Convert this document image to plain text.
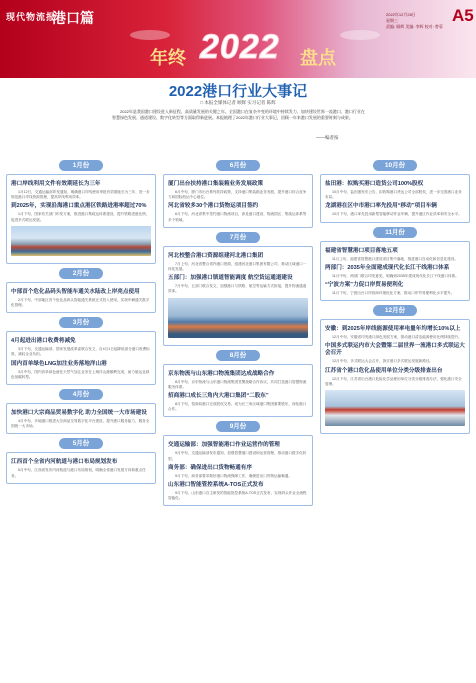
现代物流报
港口篇
年终 2022 盘点
2022年12月28日
星期三
责编: 顾辉 美编: 李辉 校对: 曾蓉
A5
2022港口行业大事记
□ 本报全媒体记者 顾辉 实习记者 陈辉
2022年是我国港口建设进入新征程、高质量发展的关键之年。全国港口在复杂多变的环境中持续发力，加快建设世界一流港口，港口行业在智慧绿色发展、通道建设、数字化转型等方面取得新进展。本报梳理了2022年港口行业大事记，回顾一年来港口发展的重要时刻与成果。
——编者按
1月份
港口岸线利用文件有效期延长为三年
1月12日，交通运输部印发通知，明确港口岸线使用审批有效期延长为三年，进一步规范港口岸线资源管理，提高岸线利用效率。
到2025年，实现沿海港口重点港区铁路进港率超过70%
1月下旬，国家有关部门印发方案，推进港口集疏运体系建设，提升铁路进港比例，促进多式联运发展。
2月份
中部首个危化品码头智能车通关水陆改上岸亮点使用
2月下旬，中部地区首个危化品码头智能通关系统正式投入使用，实现车辆通关数字化管理。
3月份
4月起进出港口收费将减免
3月下旬，交通运输部、国家发展改革委联合发文，自4月1日起降低部分港口收费标准，减轻企业负担。
国内首单绿色LNG加注业务落地洋山港
3月中旬，国内首单绿色液化天然气加注业务在上海洋山港顺利完成，助力航运业绿色低碳转型。
4月份
加快港口大宗商品贸易数字化 助力全国统一大市场建设
4月中旬，多地港口推进大宗商品交易数字化平台建设，提升港口服务能力，服务全国统一大市场。
5月份
江西首个全省内河航道与港口布局规划发布
5月中旬，江西省发布内河航道与港口布局规划，明确全省港口发展方向和重点任务。
6月份
厦门出台扶持港口集装箱业务发展政策
6月中旬，厦门市出台系列扶持政策，支持港口集装箱业务发展，提升港口综合竞争力和国际航运中心地位。
河北省较多30个港口货物运项目签约
6月下旬，河北省集中签约港口物流项目，涉及港口建设、物流园区、集疏运体系等多个领域。
7月份
河北校整合港口资源组建河北港口集团
7月上旬，河北省整合省内港口资源，组建河北港口集团有限公司，推动区域港口一体化发展。
五部门：加强港口锁道智能调度 航空货运通道建设
7月中旬，五部门联合发文，加强港口与铁路、航空等运输方式衔接，提升物流通道效率。
8月份
京东物流与山东港口物流集团达成战略合作
8月中旬，京东物流与山东港口物流集团签署战略合作协议，共同打造港口智慧物流服务体系。
招商港口成长三角内大港口集团“二股东”
8月下旬，招商局港口完成股权交易，成为长三角区域港口集团重要股东，深化港口合作。
9月份
交通运输部：加强智能港口作业运营作的管理
9月中旬，交通运输部发布通知，加强智慧港口建设和运营管理，推动港口数字化转型。
商务部：确保进出口货物畅通有序
9月下旬，商务部要求做好港口物流保障工作，确保进出口货物运输畅通。
山东港口智能管控系统A-TOS正式发布
9月下旬，山东港口自主研发的智能管控系统A-TOS正式发布，实现码头作业全流程智能化。
10月份
盐田港：拟购买港口造货公司100%股权
10月中旬，盐田港发布公告，拟收购港口货运公司全部股权，进一步完善港口业务布局。
龙湖港在区中市港口率先投用“移动”项目车辆
10月下旬，港口率先投用新型智能移动作业车辆，提升港区作业效率和安全水平。
11月份
福建省智慧港口项目落地五项
11月上旬，福建省智慧港口建设项目集中落地，推进港口自动化和信息化建设。
两部门：2035年全面建成现代化长江干线港口体系
11月中旬，两部门联合印发意见，明确到2035年建成现代化长江干线港口体系。
“宁波方案”力促口岸贸易便利化
11月下旬，宁波出台口岸营商环境优化方案，推动口岸贸易便利化水平提升。
12月份
安徽：到2025年岸线能源使用率电量年均增长10%以上
12月中旬，安徽省印发港口绿色发展方案，推动港口清洁能源使用比例持续提升。
中国多式联运内市大会暨第二届世界一流港口多式联运大会召开
12月中旬，多式联运大会召开，探讨港口多式联运发展新路径。
江苏省个港口危化品使用单位分类分级排查出台
12月下旬，江苏省出台港口危险化学品使用单位分类分级排查办法，强化港口安全管理。
